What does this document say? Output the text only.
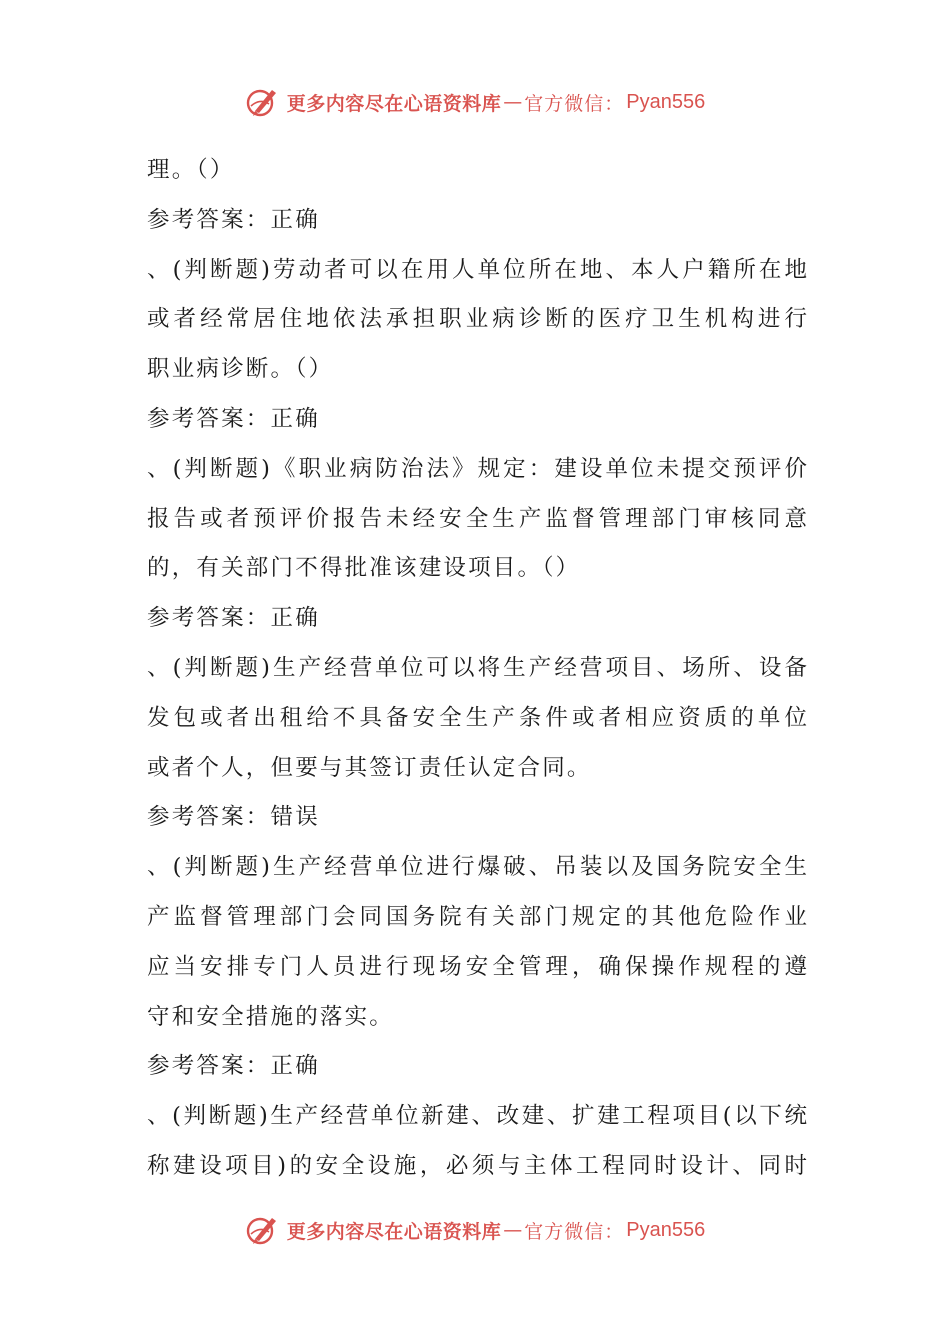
更多内容尽在心语资料库 — 官方微信： Pyan556
理。（）
参考答案：正确
、(判断题)劳动者可以在用人单位所在地、本人户籍所在地
或者经常居住地依法承担职业病诊断的医疗卫生机构进行
职业病诊断。（）
参考答案：正确
、(判断题)《职业病防治法》规定：建设单位未提交预评价
报告或者预评价报告未经安全生产监督管理部门审核同意
的，有关部门不得批准该建设项目。（）
参考答案：正确
、(判断题)生产经营单位可以将生产经营项目、场所、设备
发包或者出租给不具备安全生产条件或者相应资质的单位
或者个人，但要与其签订责任认定合同。
参考答案：错误
、(判断题)生产经营单位进行爆破、吊装以及国务院安全生
产监督管理部门会同国务院有关部门规定的其他危险作业
应当安排专门人员进行现场安全管理，确保操作规程的遵
守和安全措施的落实。
参考答案：正确
、(判断题)生产经营单位新建、改建、扩建工程项目(以下统
称建设项目)的安全设施，必须与主体工程同时设计、同时
更多内容尽在心语资料库 — 官方微信： Pyan556
